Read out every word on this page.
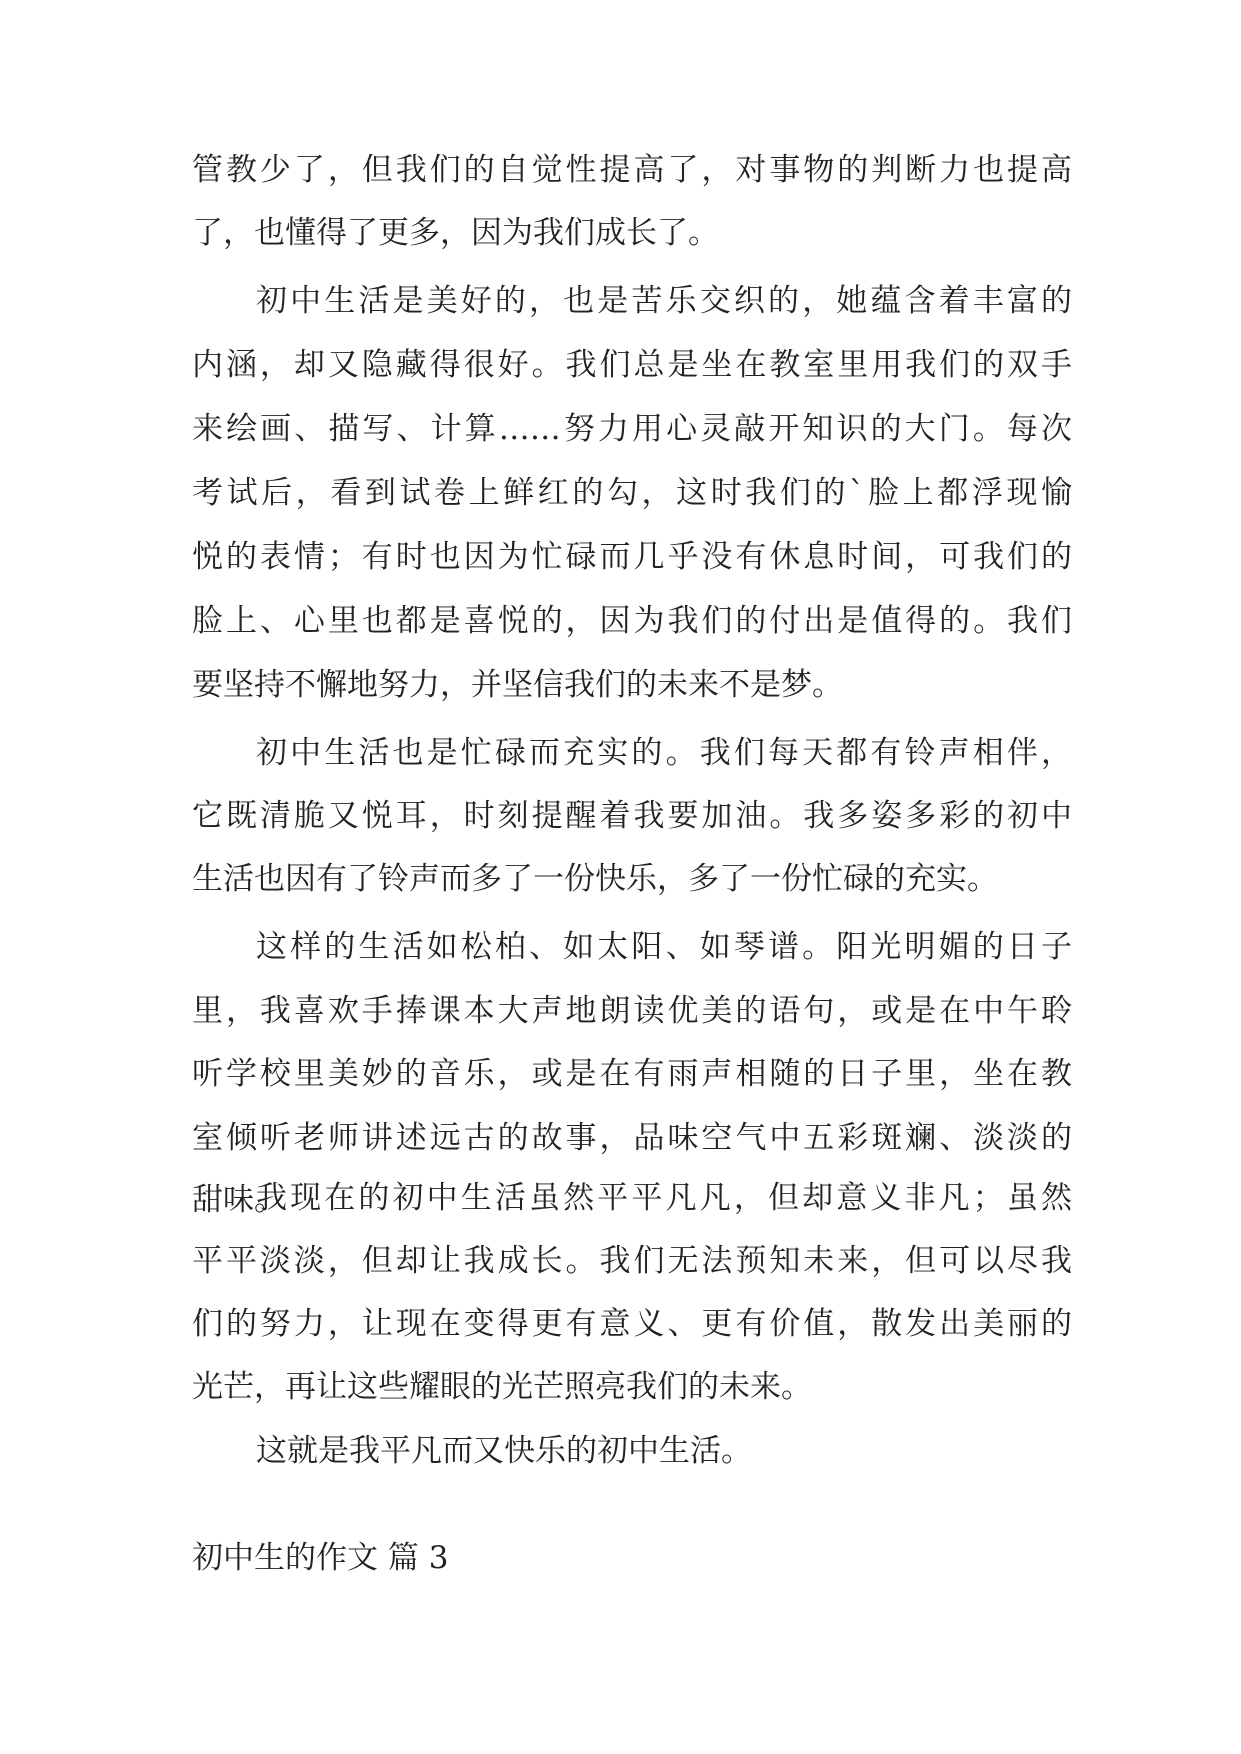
管教少了，但我们的自觉性提高了，对事物的判断力也提高
了，也懂得了更多，因为我们成长了。
初中生活是美好的，也是苦乐交织的，她蕴含着丰富的
内涵，却又隐藏得很好。我们总是坐在教室里用我们的双手
来绘画、描写、计算……努力用心灵敲开知识的大门。每次
考试后，看到试卷上鲜红的勾，这时我们的`脸上都浮现愉
悦的表情；有时也因为忙碌而几乎没有休息时间，可我们的
脸上、心里也都是喜悦的，因为我们的付出是值得的。我们
要坚持不懈地努力，并坚信我们的未来不是梦。
初中生活也是忙碌而充实的。我们每天都有铃声相伴，
它既清脆又悦耳，时刻提醒着我要加油。我多姿多彩的初中
生活也因有了铃声而多了一份快乐，多了一份忙碌的充实。
这样的生活如松柏、如太阳、如琴谱。阳光明媚的日子
里，我喜欢手捧课本大声地朗读优美的语句，或是在中午聆
听学校里美妙的音乐，或是在有雨声相随的日子里，坐在教
室倾听老师讲述远古的故事，品味空气中五彩斑斓、淡淡的
甜味。
我现在的初中生活虽然平平凡凡，但却意义非凡；虽然
平平淡淡，但却让我成长。我们无法预知未来，但可以尽我
们的努力，让现在变得更有意义、更有价值，散发出美丽的
光芒，再让这些耀眼的光芒照亮我们的未来。
初中生的作文 篇 3
这就是我平凡而又快乐的初中生活。
